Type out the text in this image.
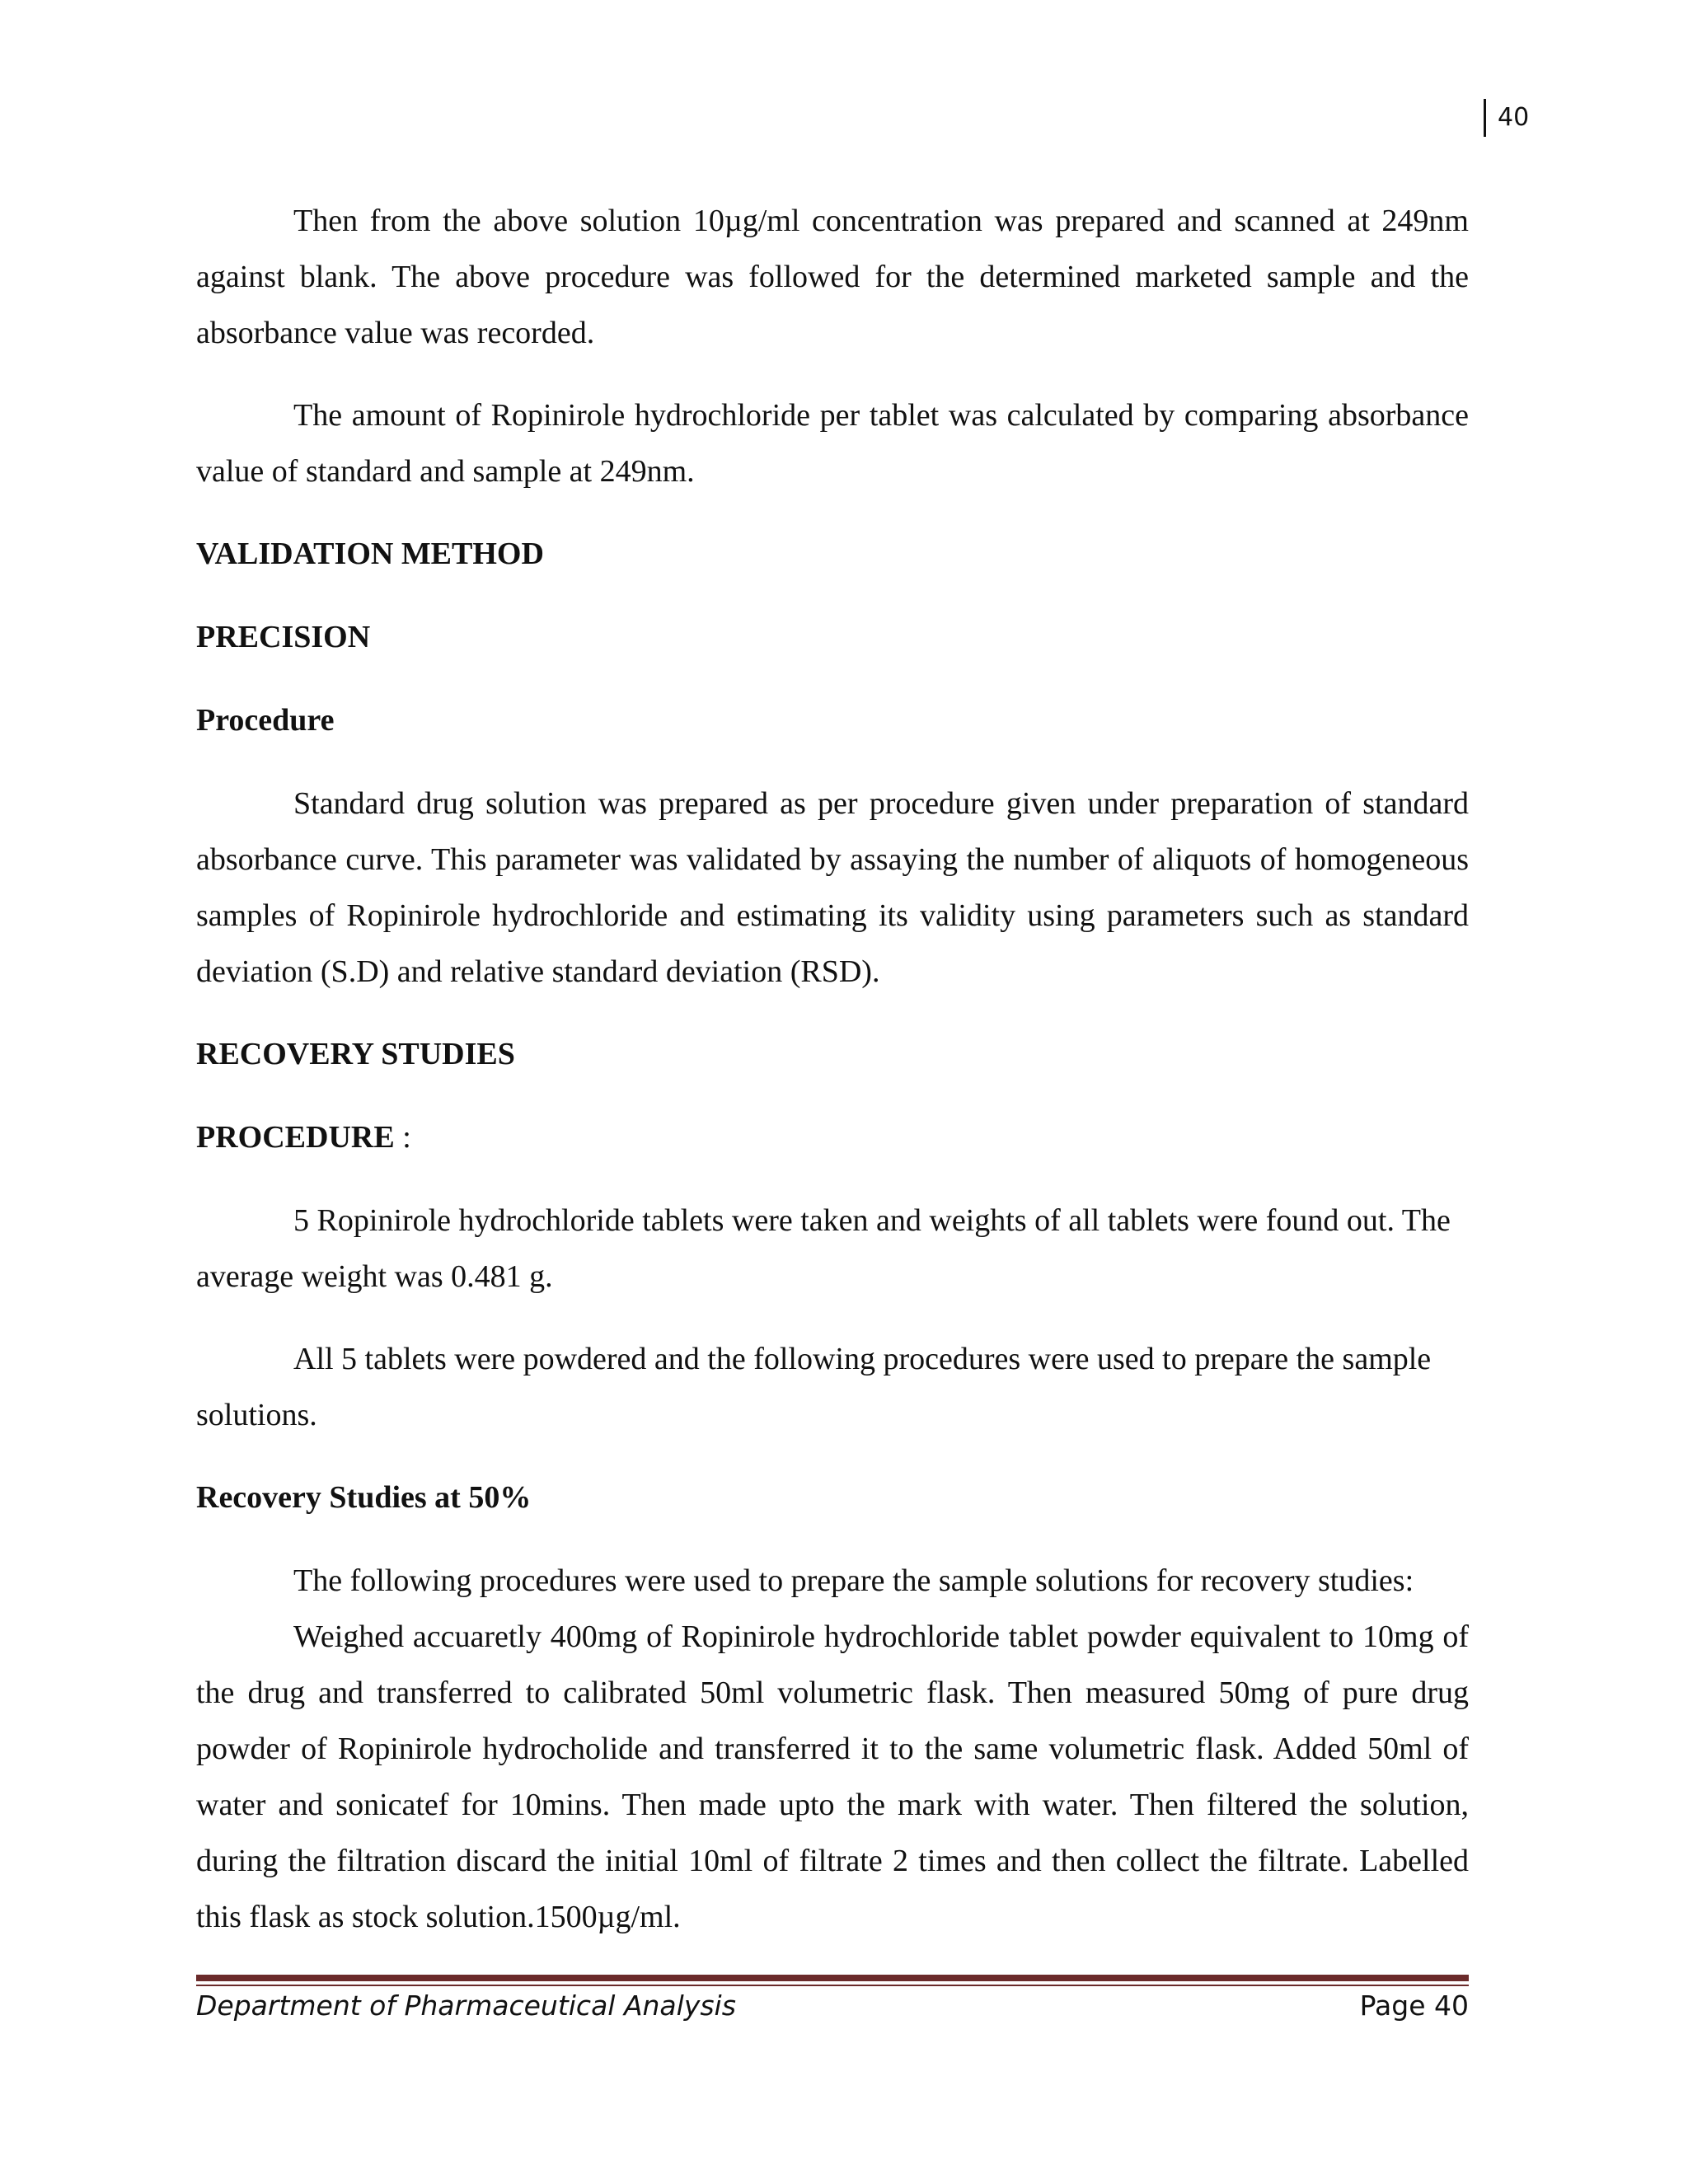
40

Then from the above solution 10µg/ml concentration was prepared and scanned at 249nm against blank. The above procedure was followed for the determined marketed sample and the absorbance value was recorded.

The amount of Ropinirole hydrochloride per tablet was calculated by comparing absorbance value of standard and sample at 249nm.

VALIDATION METHOD
PRECISION
Procedure

Standard drug solution was prepared as per procedure given under preparation of standard absorbance curve. This parameter was validated by assaying the number of aliquots of homogeneous samples of Ropinirole hydrochloride and estimating its validity using parameters such as standard deviation (S.D) and relative standard deviation (RSD).

RECOVERY STUDIES
PROCEDURE :

5 Ropinirole hydrochloride tablets were taken and weights of all tablets were found out. The average weight was 0.481 g.

All 5 tablets were powdered and the following procedures were used to prepare the sample solutions.

Recovery Studies at 50%

The following procedures were used to prepare the sample solutions for recovery studies:

Weighed accuaretly 400mg of Ropinirole hydrochloride tablet powder equivalent to 10mg of the drug and transferred to calibrated 50ml volumetric flask. Then measured 50mg of pure drug powder of Ropinirole hydrocholide and transferred it to the same volumetric flask. Added 50ml of water and sonicatef for 10mins. Then made upto the mark with water. Then filtered the solution, during the filtration discard the initial 10ml of filtrate 2 times and then collect the filtrate. Labelled this flask as stock solution.1500µg/ml.

Department of Pharmaceutical Analysis	Page 40
